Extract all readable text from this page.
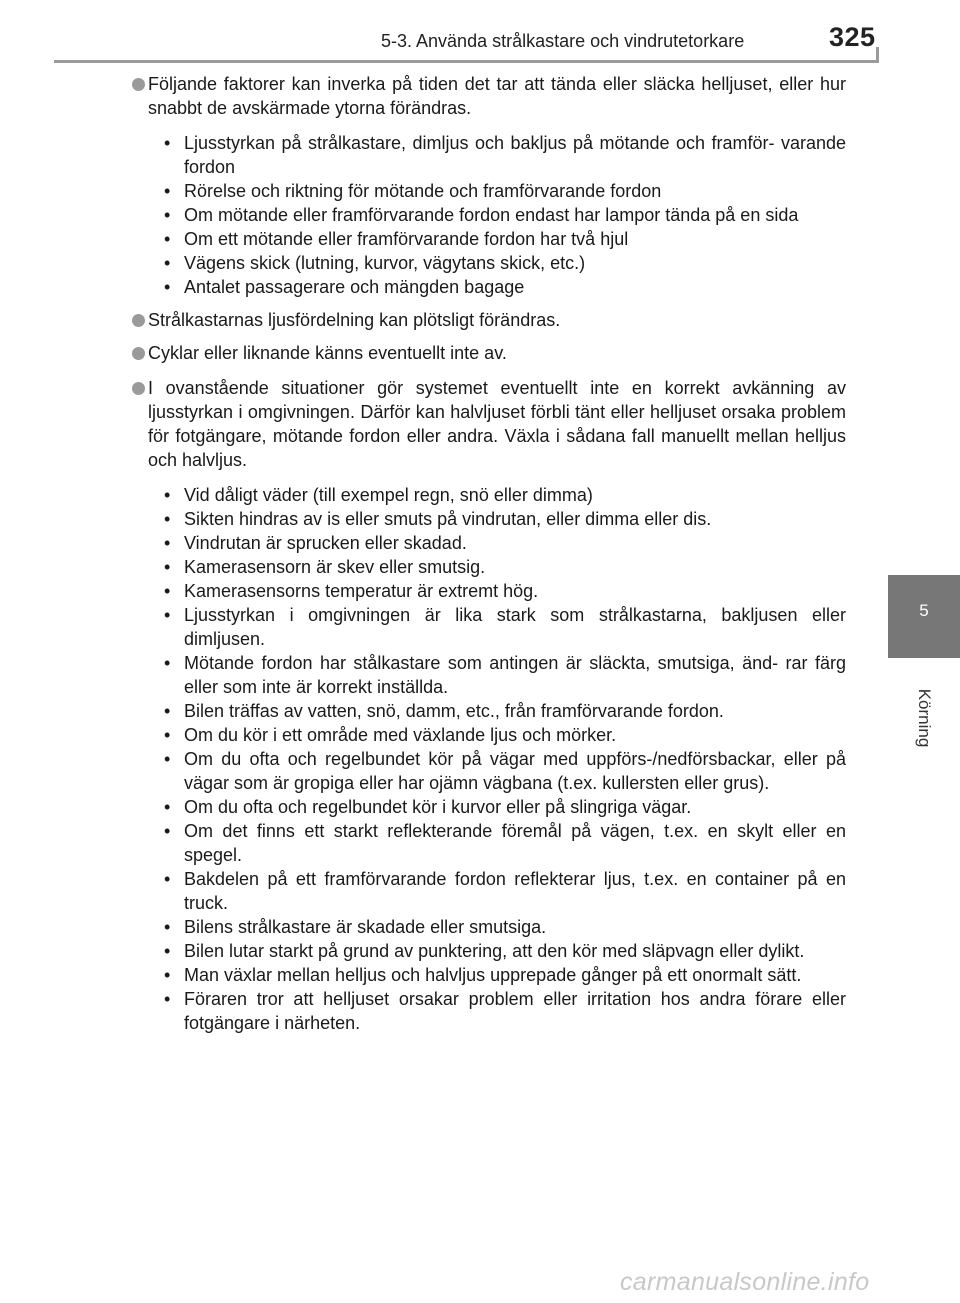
5-3. Använda strålkastare och vindrutetorkare	325
5
Körning
Följande faktorer kan inverka på tiden det tar att tända eller släcka helljuset, eller hur snabbt de avskärmade ytorna förändras.
• Ljusstyrkan på strålkastare, dimljus och bakljus på mötande och framför- varande fordon
• Rörelse och riktning för mötande och framförvarande fordon
• Om mötande eller framförvarande fordon endast har lampor tända på en sida
• Om ett mötande eller framförvarande fordon har två hjul
• Vägens skick (lutning, kurvor, vägytans skick, etc.)
• Antalet passagerare och mängden bagage
Strålkastarnas ljusfördelning kan plötsligt förändras.
Cyklar eller liknande känns eventuellt inte av.
I ovanstående situationer gör systemet eventuellt inte en korrekt avkänning av ljusstyrkan i omgivningen. Därför kan halvljuset förbli tänt eller helljuset orsaka problem för fotgängare, mötande fordon eller andra. Växla i sådana fall manuellt mellan helljus och halvljus.
• Vid dåligt väder (till exempel regn, snö eller dimma)
• Sikten hindras av is eller smuts på vindrutan, eller dimma eller dis.
• Vindrutan är sprucken eller skadad.
• Kamerasensorn är skev eller smutsig.
• Kamerasensorns temperatur är extremt hög.
• Ljusstyrkan i omgivningen är lika stark som strålkastarna, bakljusen eller dimljusen.
• Mötande fordon har stålkastare som antingen är släckta, smutsiga, änd- rar färg eller som inte är korrekt inställda.
• Bilen träffas av vatten, snö, damm, etc., från framförvarande fordon.
• Om du kör i ett område med växlande ljus och mörker.
• Om du ofta och regelbundet kör på vägar med uppförs-/nedförsbackar, eller på vägar som är gropiga eller har ojämn vägbana (t.ex. kullersten eller grus).
• Om du ofta och regelbundet kör i kurvor eller på slingriga vägar.
• Om det finns ett starkt reflekterande föremål på vägen, t.ex. en skylt eller en spegel.
• Bakdelen på ett framförvarande fordon reflekterar ljus, t.ex. en container på en truck.
• Bilens strålkastare är skadade eller smutsiga.
• Bilen lutar starkt på grund av punktering, att den kör med släpvagn eller dylikt.
• Man växlar mellan helljus och halvljus upprepade gånger på ett onormalt sätt.
• Föraren tror att helljuset orsakar problem eller irritation hos andra förare eller fotgängare i närheten.
carmanualsonline.info
